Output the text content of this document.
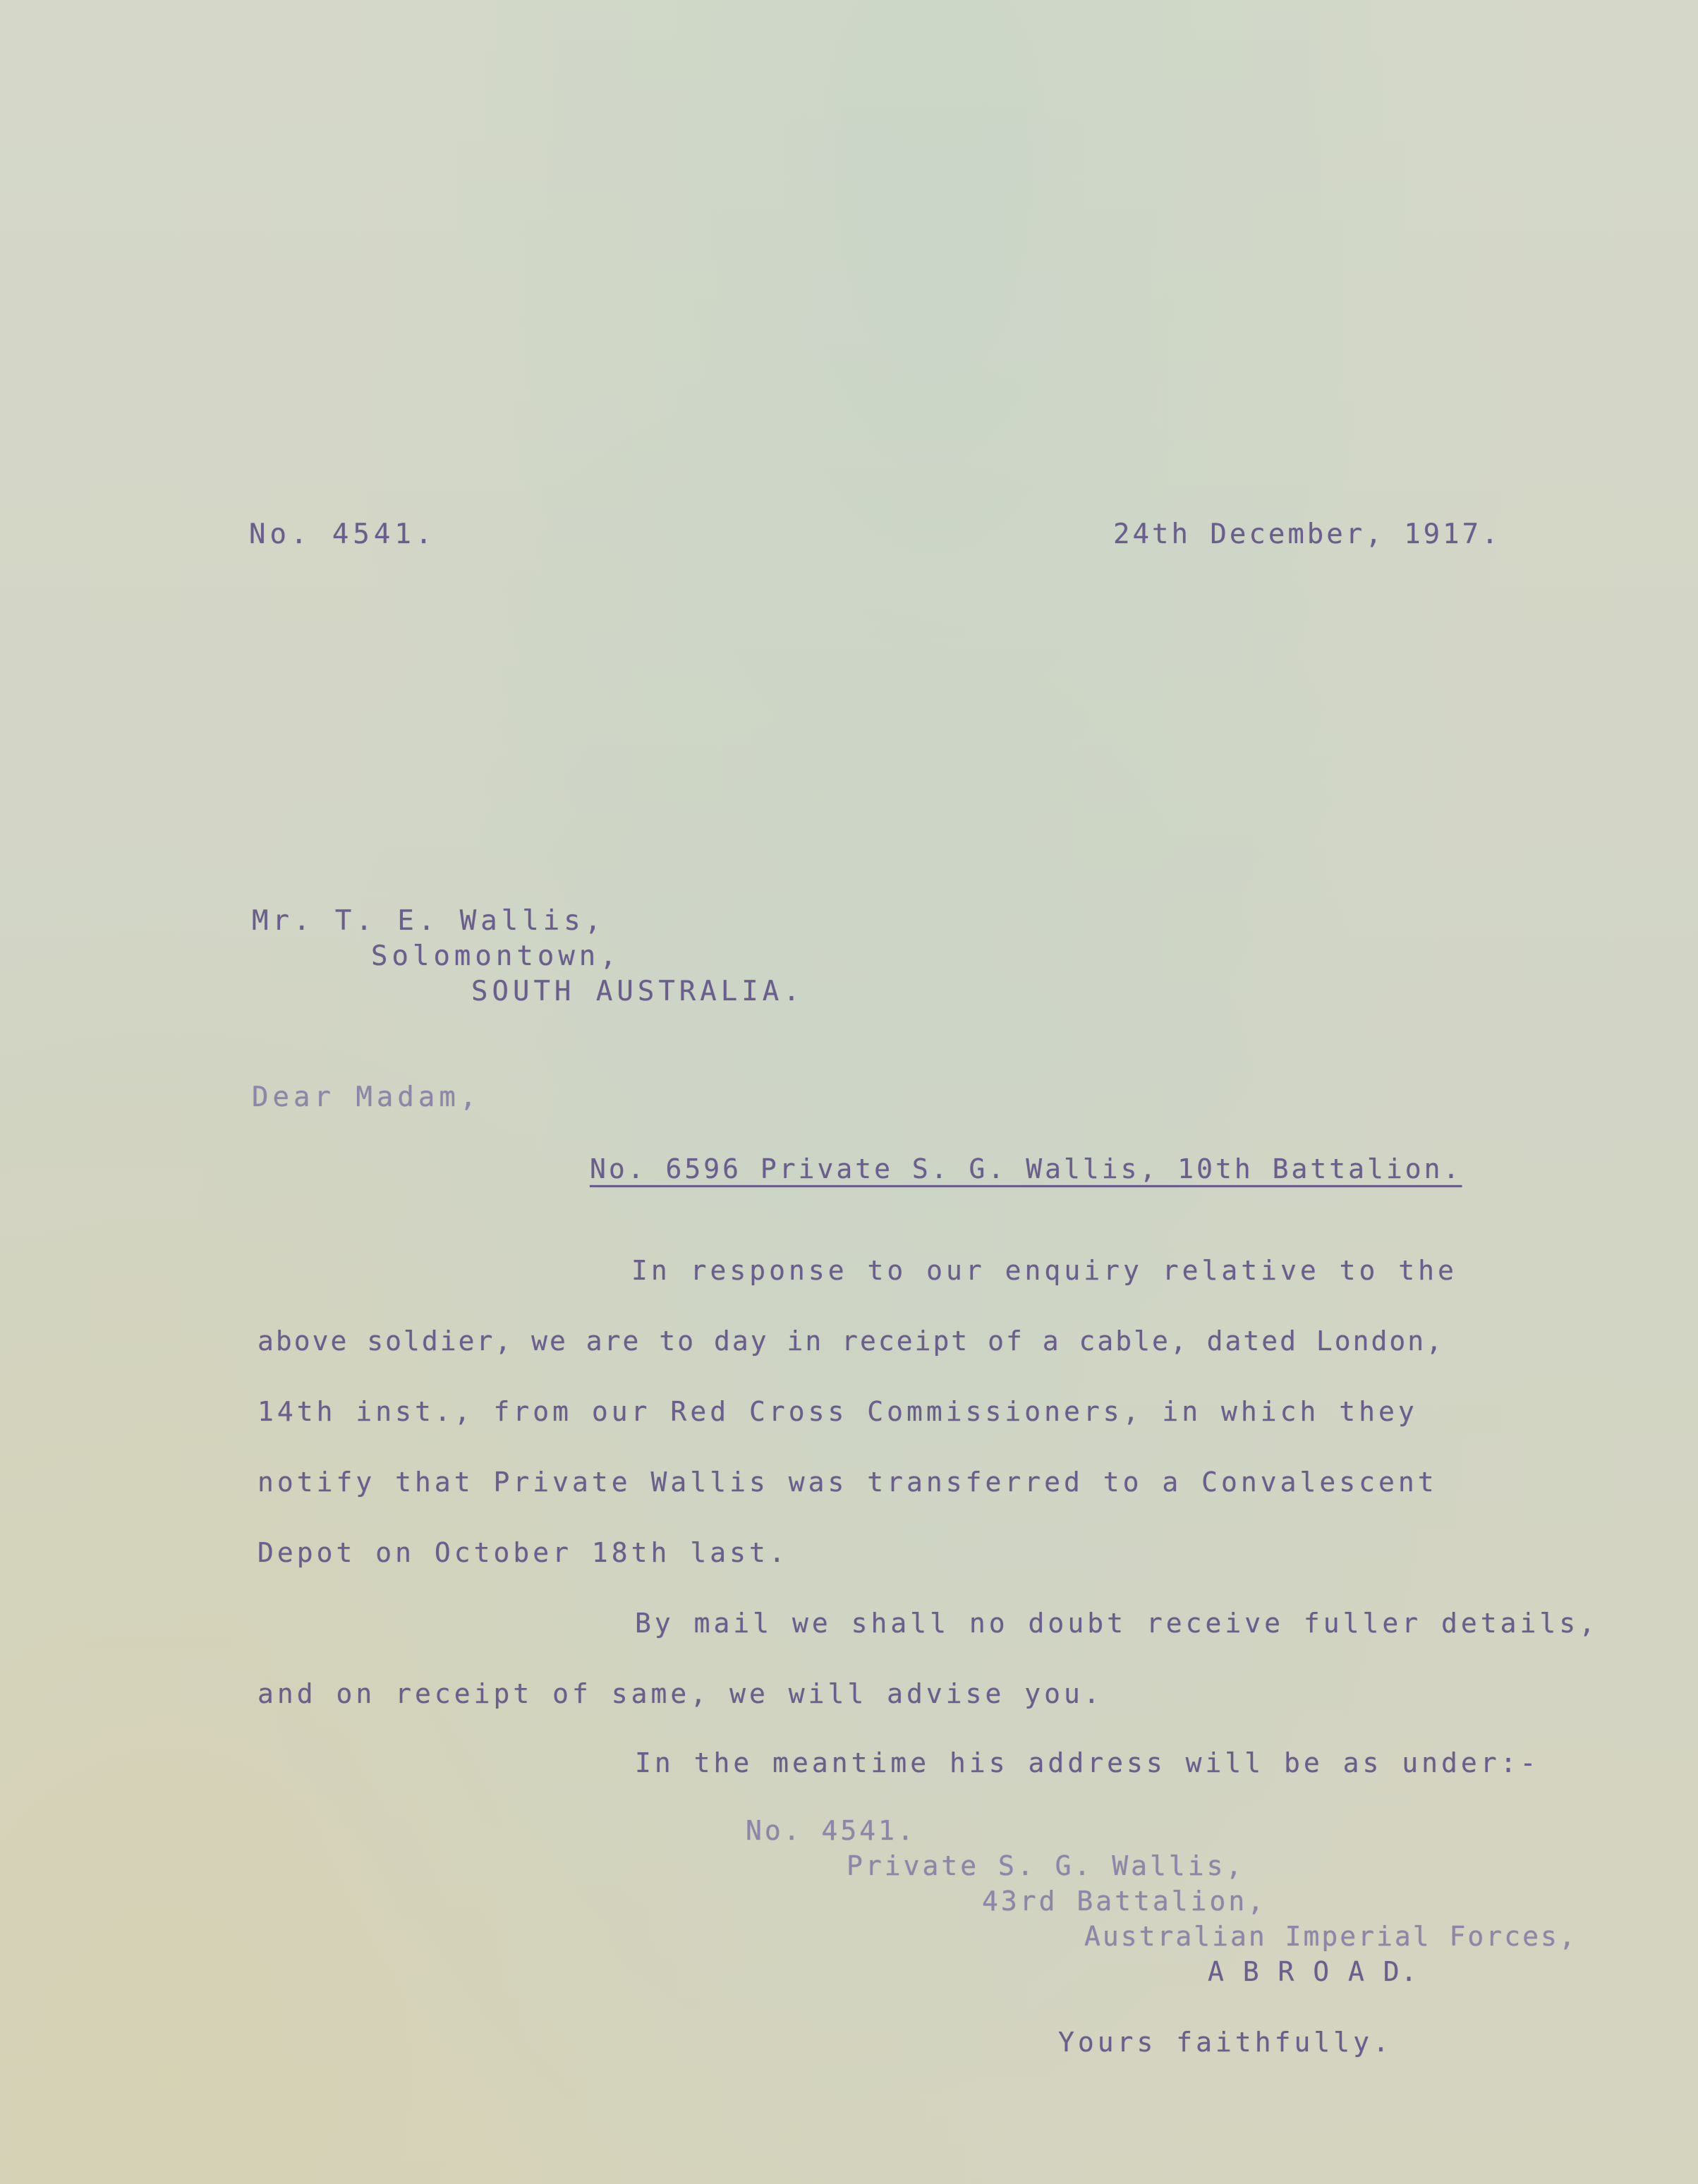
No. 4541.	24th December, 1917.
Mr. T. E. Wallis,
Solomontown,
SOUTH AUSTRALIA.
Dear Madam,
No. 6596 Private S. G. Wallis, 10th Battalion.
In response to our enquiry relative to the
above soldier, we are to day in receipt of a cable, dated London,
14th inst., from our Red Cross Commissioners, in which they
notify that Private Wallis was transferred to a Convalescent
Depot on October 18th last.
By mail we shall no doubt receive fuller details,
and on receipt of same, we will advise you.
In the meantime his address will be as under:-
No. 4541.
Private S. G. Wallis,
43rd Battalion,
Australian Imperial Forces,
A B R O A D.
Yours faithfully.
